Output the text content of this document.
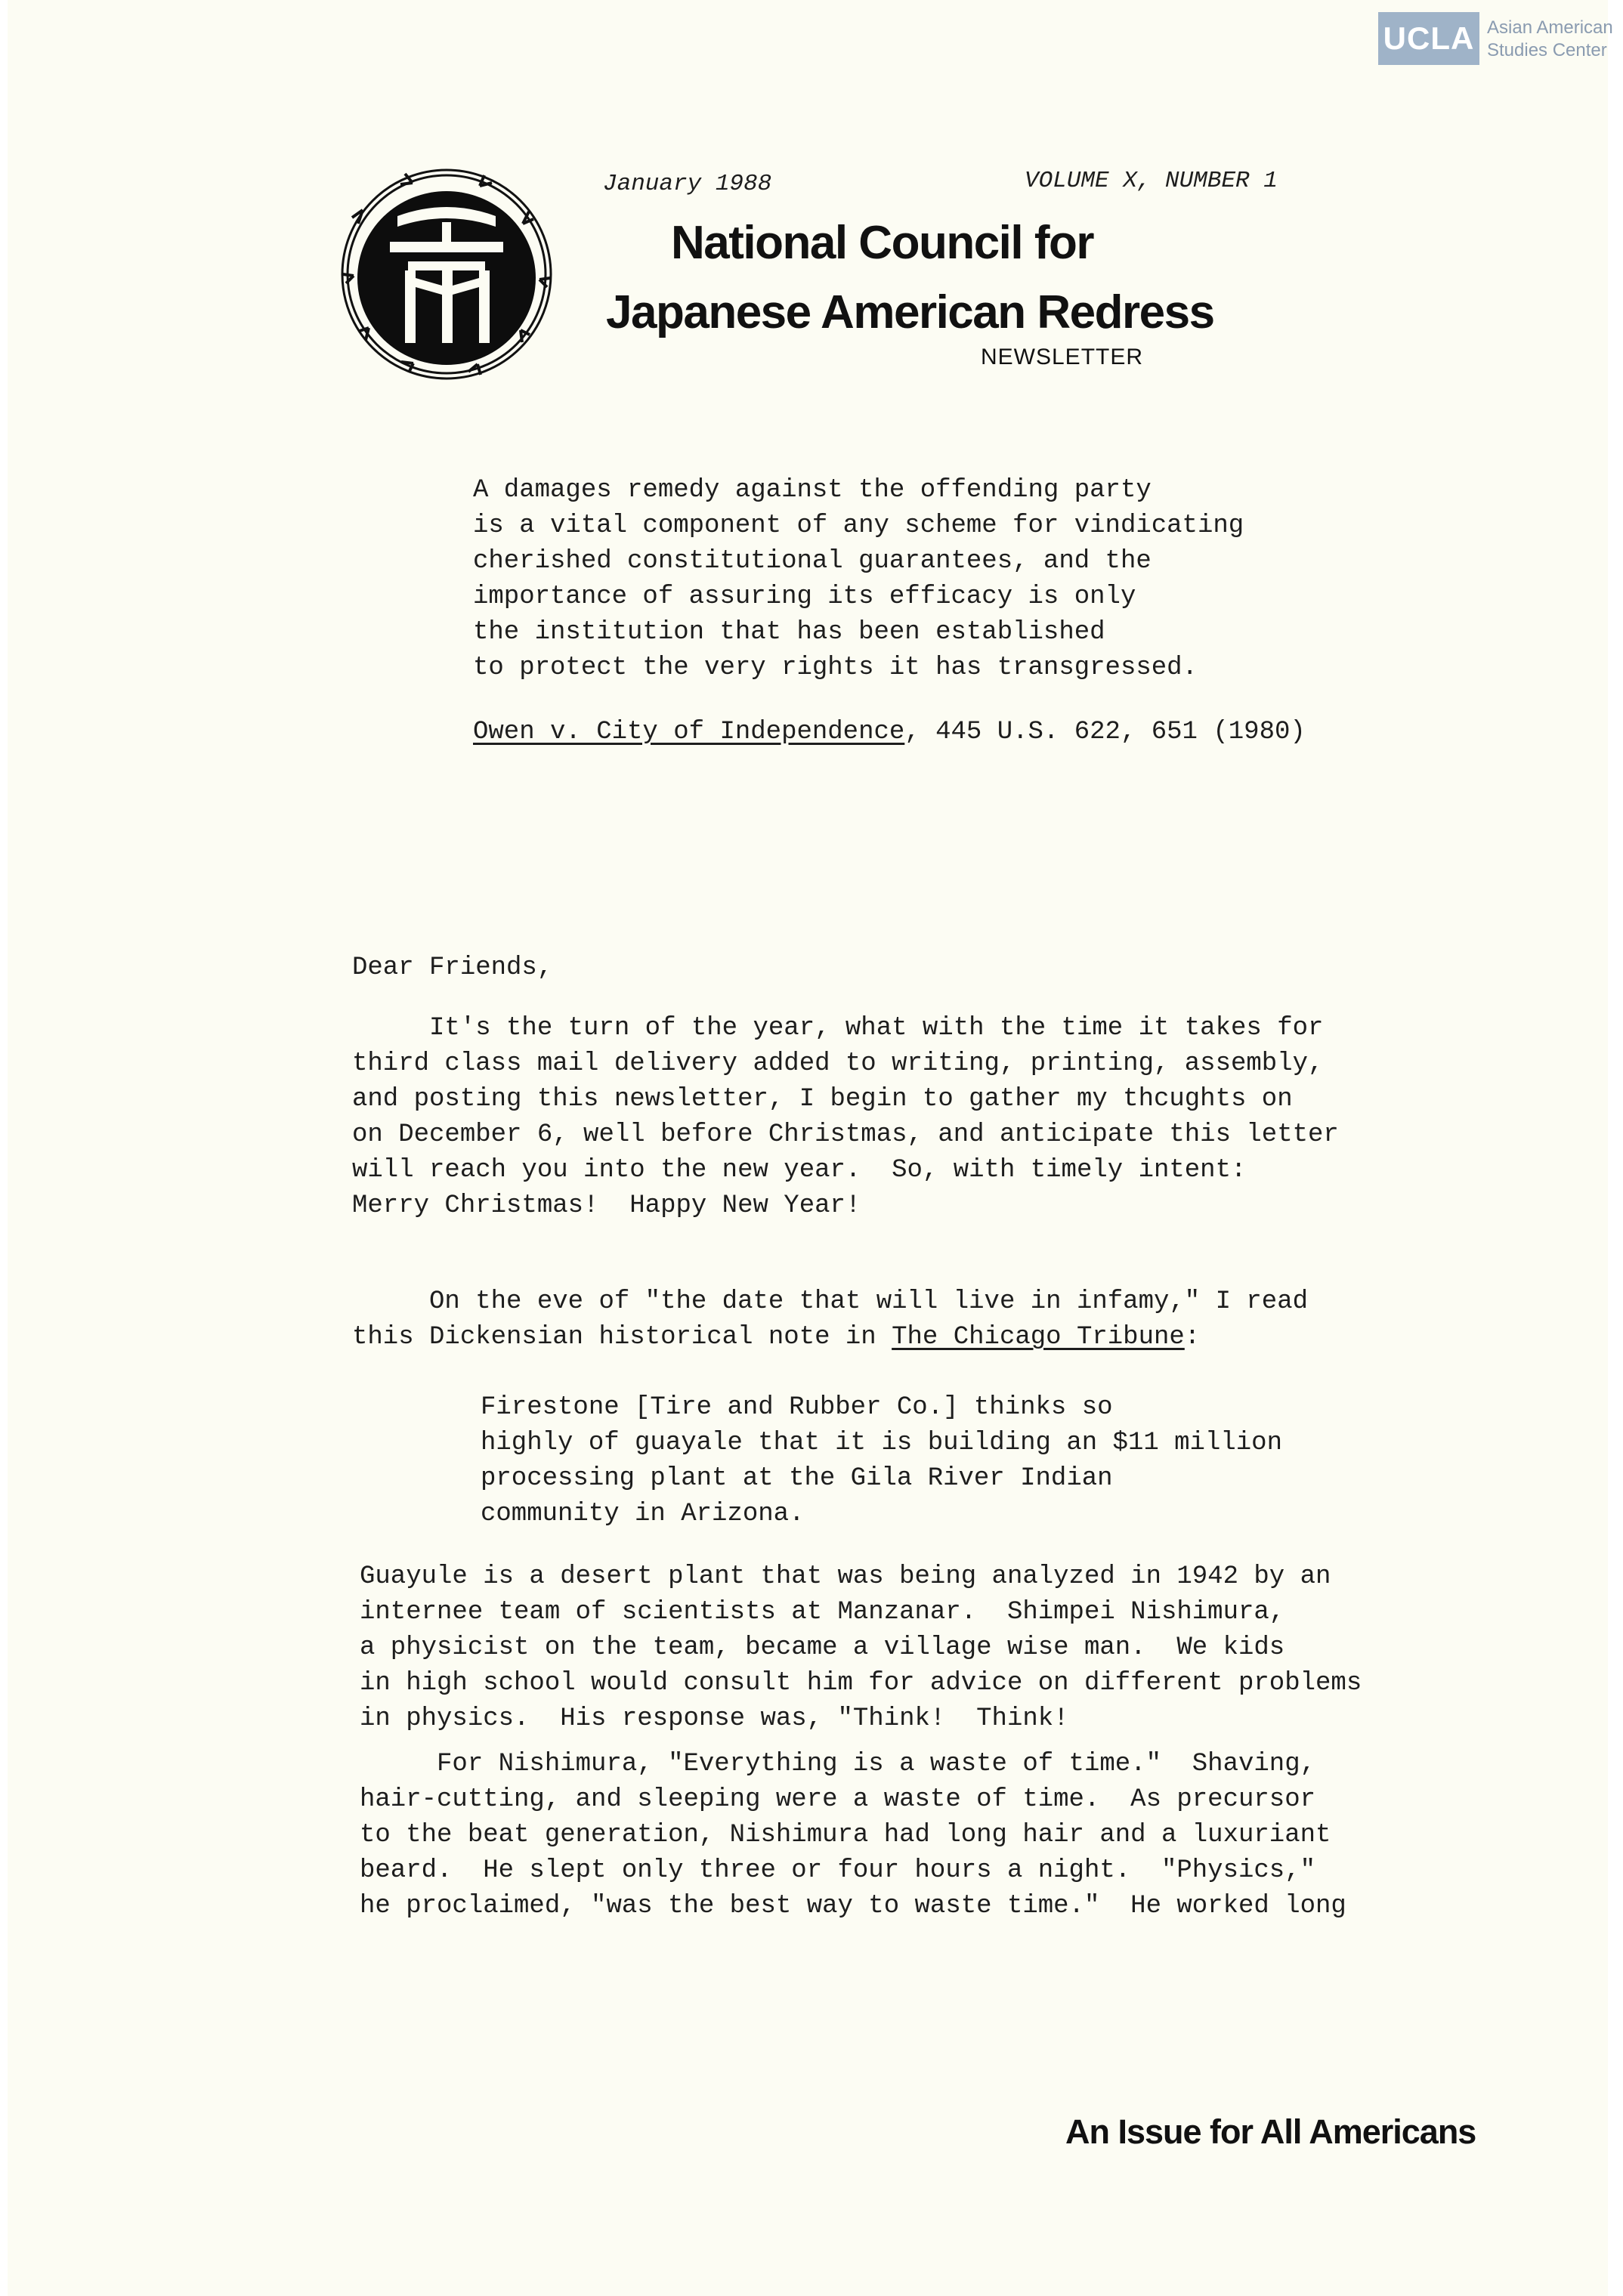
UCLA Asian American
Studies Center
January 1988	VOLUME X, NUMBER 1
National Council for
Japanese American Redress
NEWSLETTER
A damages remedy against the offending party
is a vital component of any scheme for vindicating
cherished constitutional guarantees, and the
importance of assuring its efficacy is only
the institution that has been established
to protect the very rights it has transgressed.
Owen v. City of Independence, 445 U.S. 622, 651 (1980)
Dear Friends,
It's the turn of the year, what with the time it takes for
third class mail delivery added to writing, printing, assembly,
and posting this newsletter, I begin to gather my thcughts on
on December 6, well before Christmas, and anticipate this letter
will reach you into the new year.  So, with timely intent:
Merry Christmas!  Happy New Year!
On the eve of "the date that will live in infamy," I read
this Dickensian historical note in The Chicago Tribune:
Firestone [Tire and Rubber Co.] thinks so
highly of guayale that it is building an $11 million
processing plant at the Gila River Indian
community in Arizona.
Guayule is a desert plant that was being analyzed in 1942 by an
internee team of scientists at Manzanar.  Shimpei Nishimura,
a physicist on the team, became a village wise man.  We kids
in high school would consult him for advice on different problems
in physics.  His response was, "Think!  Think!
For Nishimura, "Everything is a waste of time."  Shaving,
hair-cutting, and sleeping were a waste of time.  As precursor
to the beat generation, Nishimura had long hair and a luxuriant
beard.  He slept only three or four hours a night.  "Physics,"
he proclaimed, "was the best way to waste time."  He worked long
An Issue for All Americans
